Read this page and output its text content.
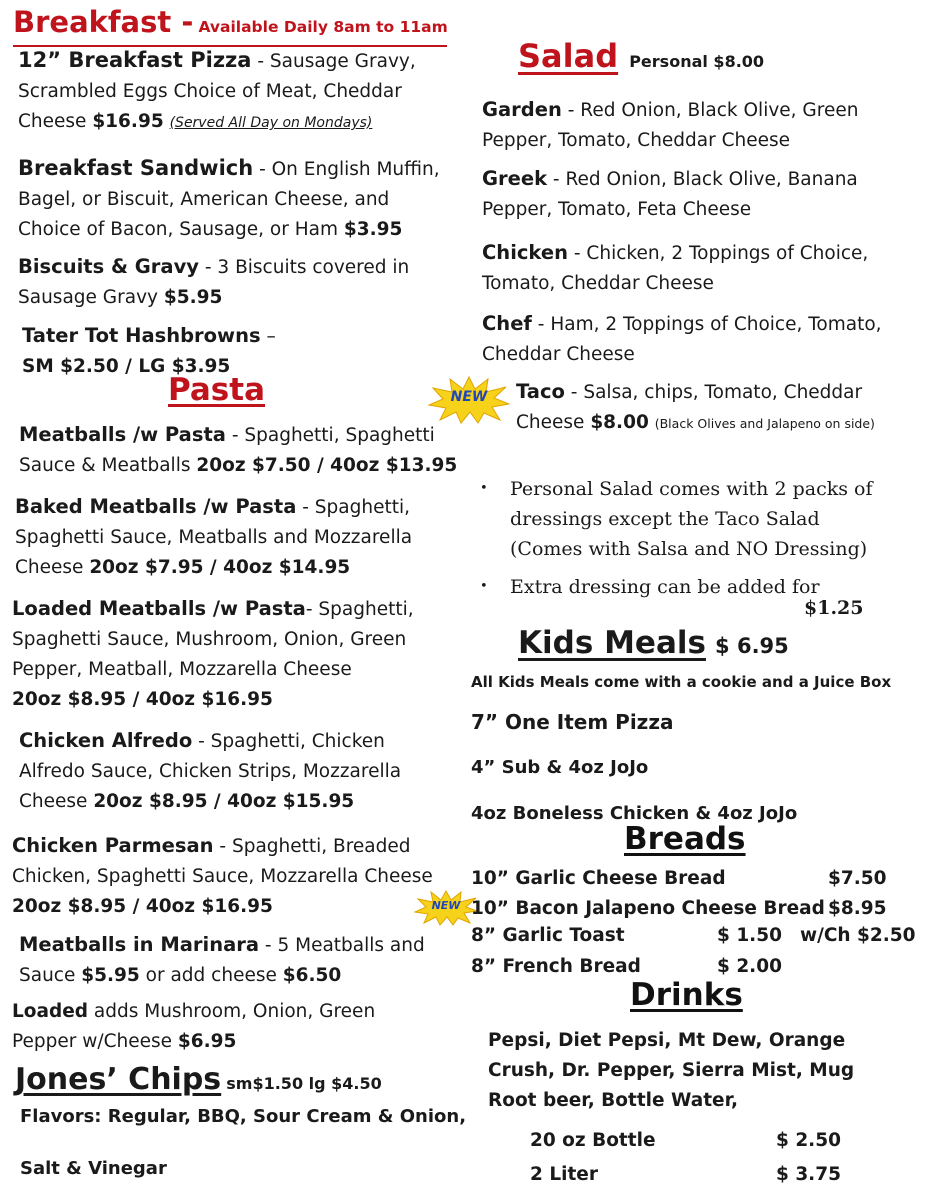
Breakfast - Available Daily 8am to 11am
12” Breakfast Pizza - Sausage Gravy, Scrambled Eggs Choice of Meat, Cheddar Cheese $16.95 (Served All Day on Mondays)
Breakfast Sandwich - On English Muffin, Bagel, or Biscuit, American Cheese, and Choice of Bacon, Sausage, or Ham $3.95
Biscuits & Gravy - 3 Biscuits covered in Sausage Gravy $5.95
Tater Tot Hashbrowns –
SM $2.50 / LG $3.95
Pasta
Meatballs /w Pasta - Spaghetti, Spaghetti Sauce & Meatballs 20oz $7.50 / 40oz $13.95
Baked Meatballs /w Pasta - Spaghetti, Spaghetti Sauce, Meatballs and Mozzarella Cheese 20oz $7.95 / 40oz $14.95
Loaded Meatballs /w Pasta- Spaghetti, Spaghetti Sauce, Mushroom, Onion, Green Pepper, Meatball, Mozzarella Cheese
20oz $8.95 / 40oz $16.95
Chicken Alfredo - Spaghetti, Chicken Alfredo Sauce, Chicken Strips, Mozzarella Cheese 20oz $8.95 / 40oz $15.95
Chicken Parmesan - Spaghetti, Breaded Chicken, Spaghetti Sauce, Mozzarella Cheese 20oz $8.95 / 40oz $16.95
Meatballs in Marinara - 5 Meatballs and Sauce $5.95 or add cheese $6.50
Loaded adds Mushroom, Onion, Green Pepper w/Cheese $6.95
Jones’ Chips sm$1.50 lg $4.50
Flavors: Regular, BBQ, Sour Cream & Onion,
Salt & Vinegar
Salad Personal $8.00
Garden - Red Onion, Black Olive, Green Pepper, Tomato, Cheddar Cheese
Greek - Red Onion, Black Olive, Banana Pepper, Tomato, Feta Cheese
Chicken - Chicken, 2 Toppings of Choice, Tomato, Cheddar Cheese
Chef - Ham, 2 Toppings of Choice, Tomato, Cheddar Cheese
NEW	Taco - Salsa, chips, Tomato, Cheddar Cheese $8.00 (Black Olives and Jalapeno on side)
•	Personal Salad comes with 2 packs of dressings except the Taco Salad (Comes with Salsa and NO Dressing)
•	Extra dressing can be added for
$1.25
Kids Meals $ 6.95
All Kids Meals come with a cookie and a Juice Box
7” One Item Pizza
4” Sub & 4oz JoJo
4oz Boneless Chicken & 4oz JoJo
Breads
NEW
10” Garlic Cheese Bread	$7.50
10” Bacon Jalapeno Cheese Bread $8.95
8” Garlic Toast	$ 1.50 w/Ch $2.50
8” French Bread	$ 2.00
Drinks
Pepsi, Diet Pepsi, Mt Dew, Orange Crush, Dr. Pepper, Sierra Mist, Mug Root beer, Bottle Water,
20 oz Bottle	$ 2.50
2 Liter	$ 3.75
